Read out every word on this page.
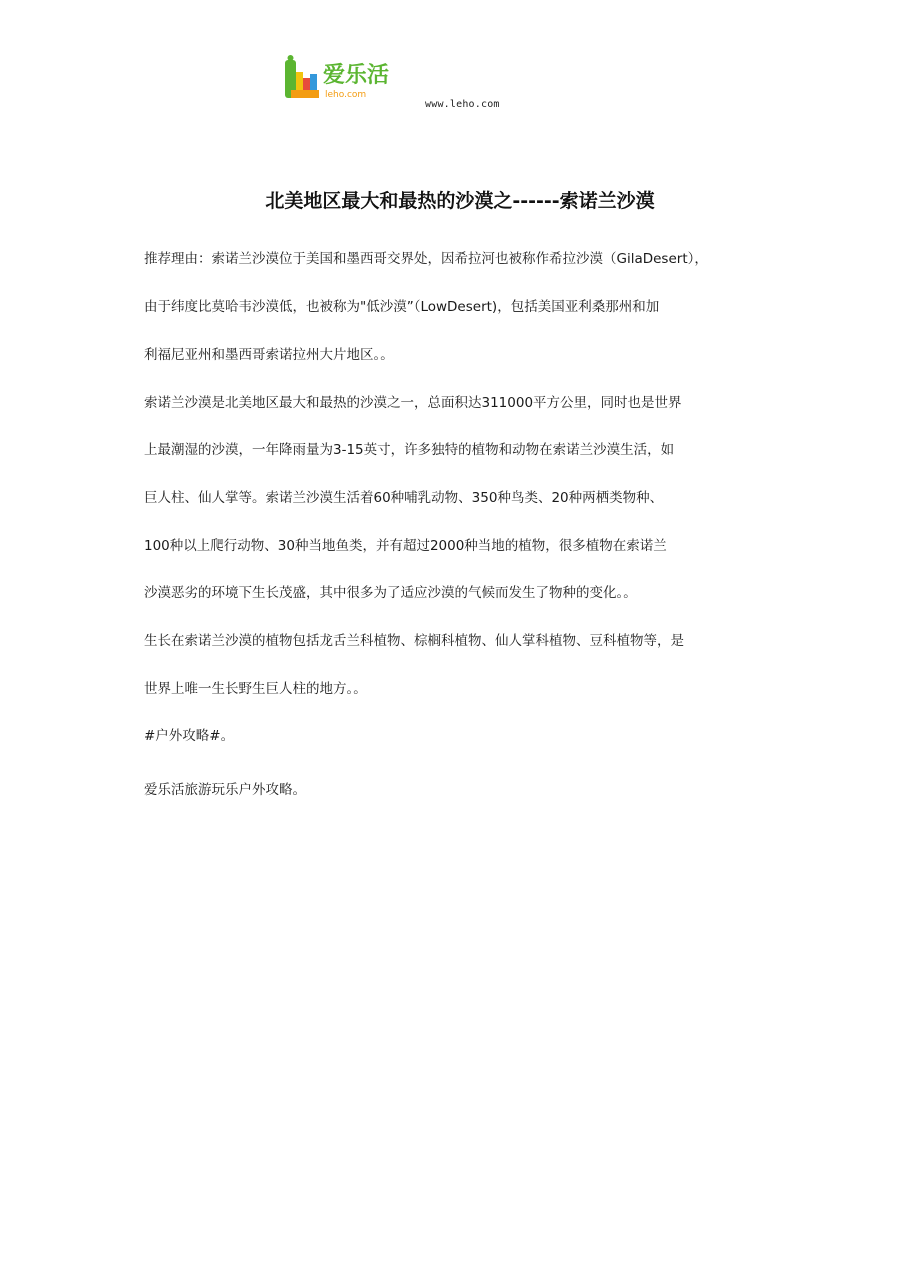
爱乐活
leho.com
www.leho.com
北美地区最大和最热的沙漠之------索诺兰沙漠
推荐理由：索诺兰沙漠位于美国和墨西哥交界处，因希拉河也被称作希拉沙漠（GilaDesert），
由于纬度比莫哈韦沙漠低，也被称为"低沙漠”（LowDesert)，包括美国亚利桑那州和加
利福尼亚州和墨西哥索诺拉州大片地区。。
索诺兰沙漠是北美地区最大和最热的沙漠之一，总面积达311000平方公里，同时也是世界
上最潮湿的沙漠，一年降雨量为3-15英寸，许多独特的植物和动物在索诺兰沙漠生活，如
巨人柱、仙人掌等。索诺兰沙漠生活着60种哺乳动物、350种鸟类、20种两栖类物种、
100种以上爬行动物、30种当地鱼类，并有超过2000种当地的植物，很多植物在索诺兰
沙漠恶劣的环境下生长茂盛，其中很多为了适应沙漠的气候而发生了物种的变化。。
生长在索诺兰沙漠的植物包括龙舌兰科植物、棕榈科植物、仙人掌科植物、豆科植物等，是
世界上唯一生长野生巨人柱的地方。。
#户外攻略#。
爱乐活旅游玩乐户外攻略。
